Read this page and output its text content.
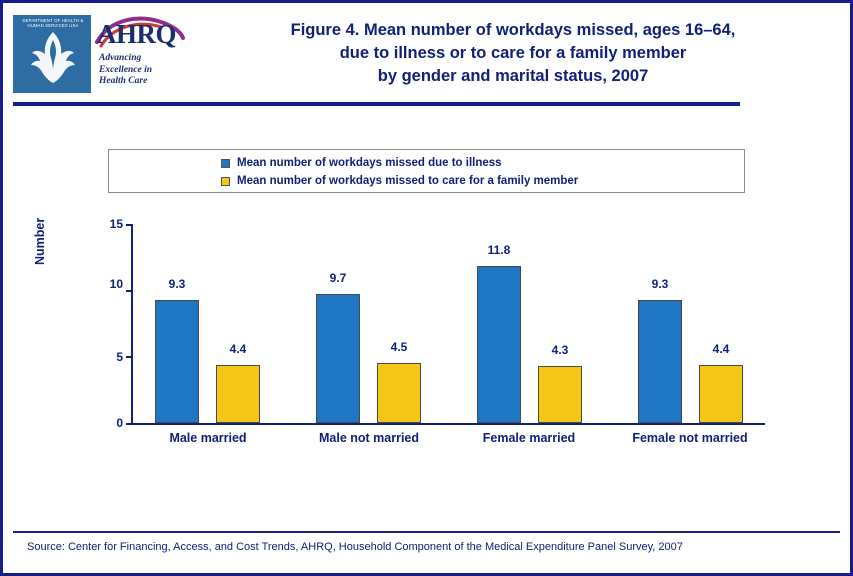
DEPARTMENT OF HEALTH & HUMAN SERVICES USA AHRQ
Advancing
Excellence in
Health Care
Figure 4. Mean number of workdays missed, ages 16–64,
due to illness or to care for a family member
by gender and marital status, 2007
Mean number of workdays missed due to illness
Mean number of workdays missed to care for a family member
Number	15
10
5
0
9.3
4.4
Male married
9.7
4.5
Male not married
11.8
4.3
Female married
9.3
4.4
Female not married
Source: Center for Financing, Access, and Cost Trends, AHRQ, Household Component of the Medical Expenditure Panel Survey, 2007
